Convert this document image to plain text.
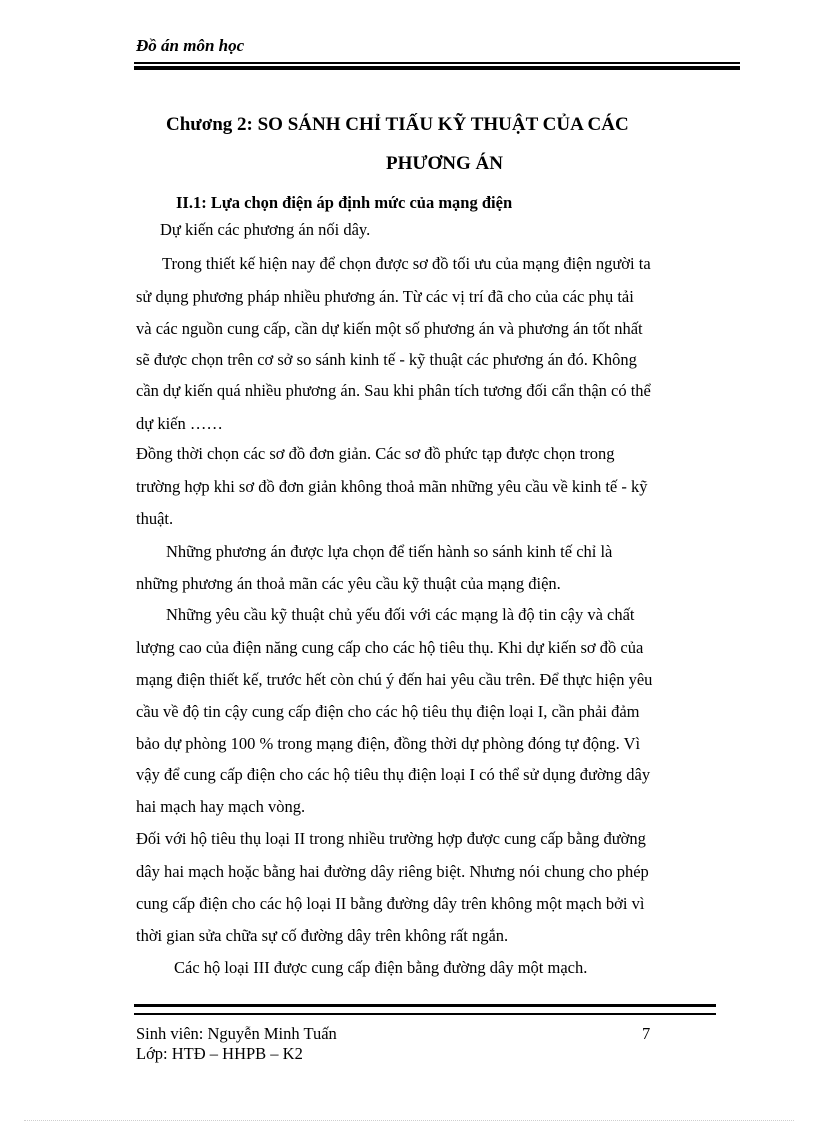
Đồ án môn học
Chương 2: SO SÁNH CHỈ TIẤU KỸ THUẬT CỦA CÁC
PHƯƠNG ÁN
II.1: Lựa chọn điện áp định mức của mạng điện
Dự kiến các phương án nối dây.
Trong thiết kế hiện nay để chọn được sơ đồ tối ưu của mạng điện người ta
sử dụng phương pháp nhiều phương án. Từ các vị trí đã cho của các phụ tải
và các nguồn cung cấp, cần dự kiến một số phương án và phương án tốt nhất
sẽ được chọn trên cơ sở so sánh kinh tế - kỹ thuật các phương án đó. Không
cần dự kiến quá nhiều phương án. Sau khi phân tích tương đối cẩn thận có thể
dự kiến ……
Đồng thời chọn các sơ đồ đơn giản. Các sơ đồ phức tạp được chọn trong
trường hợp khi sơ đồ đơn giản không thoả mãn những yêu cầu về kinh tế - kỹ
thuật.
Những phương án được lựa chọn để tiến hành so sánh kinh tế chỉ là
những phương án thoả mãn các yêu cầu kỹ thuật của mạng điện.
Những yêu cầu kỹ thuật chủ yếu đối với các mạng là độ tin cậy và chất
lượng cao của điện năng cung cấp cho các hộ tiêu thụ. Khi dự kiến sơ đồ của
mạng điện thiết kế, trước hết còn chú ý đến hai yêu cầu trên. Để thực hiện yêu
cầu về độ tin cậy cung cấp điện cho các hộ tiêu thụ điện loại I, cần phải đảm
bảo dự phòng 100 % trong mạng điện, đồng thời dự phòng đóng tự động. Vì
vậy để cung cấp điện cho các hộ tiêu thụ điện loại I có thể sử dụng đường dây
hai mạch hay mạch vòng.
Đối với hộ tiêu thụ loại II trong nhiều trường hợp được cung cấp bằng đường
dây hai mạch hoặc bằng hai đường dây riêng biệt. Nhưng nói chung cho phép
cung cấp điện cho các hộ loại II bằng đường dây trên không một mạch bởi vì
thời gian sửa chữa sự cố đường dây trên không rất ngắn.
Các hộ loại III được cung cấp điện bằng đường dây một mạch.
Sinh viên: Nguyễn Minh Tuấn	7
Lớp: HTĐ – HHPB – K2
